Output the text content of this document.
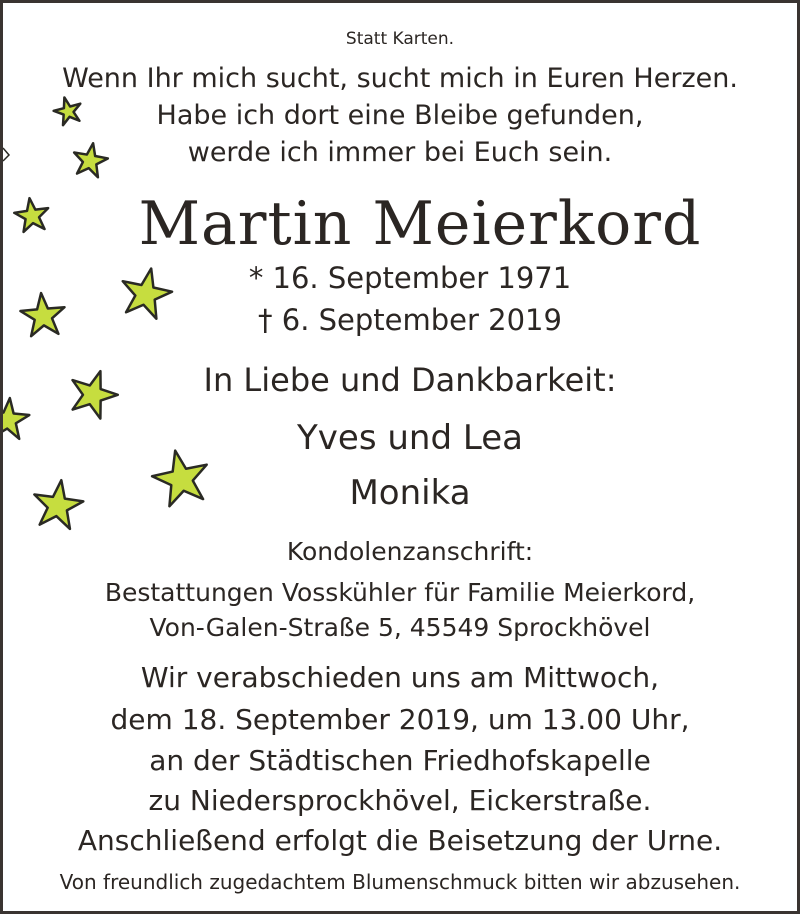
Statt Karten.
Wenn Ihr mich sucht, sucht mich in Euren Herzen.
Habe ich dort eine Bleibe gefunden,
werde ich immer bei Euch sein.
Martin Meierkord
* 16. September 1971
† 6. September 2019
In Liebe und Dankbarkeit:
Yves und Lea
Monika
Kondolenzanschrift:
Bestattungen Vosskühler für Familie Meierkord,
Von-Galen-Straße 5, 45549 Sprockhövel
Wir verabschieden uns am Mittwoch,
dem 18. September 2019, um 13.00 Uhr,
an der Städtischen Friedhofskapelle
zu Niedersprockhövel, Eickerstraße.
Anschließend erfolgt die Beisetzung der Urne.
Von freundlich zugedachtem Blumenschmuck bitten wir abzusehen.
